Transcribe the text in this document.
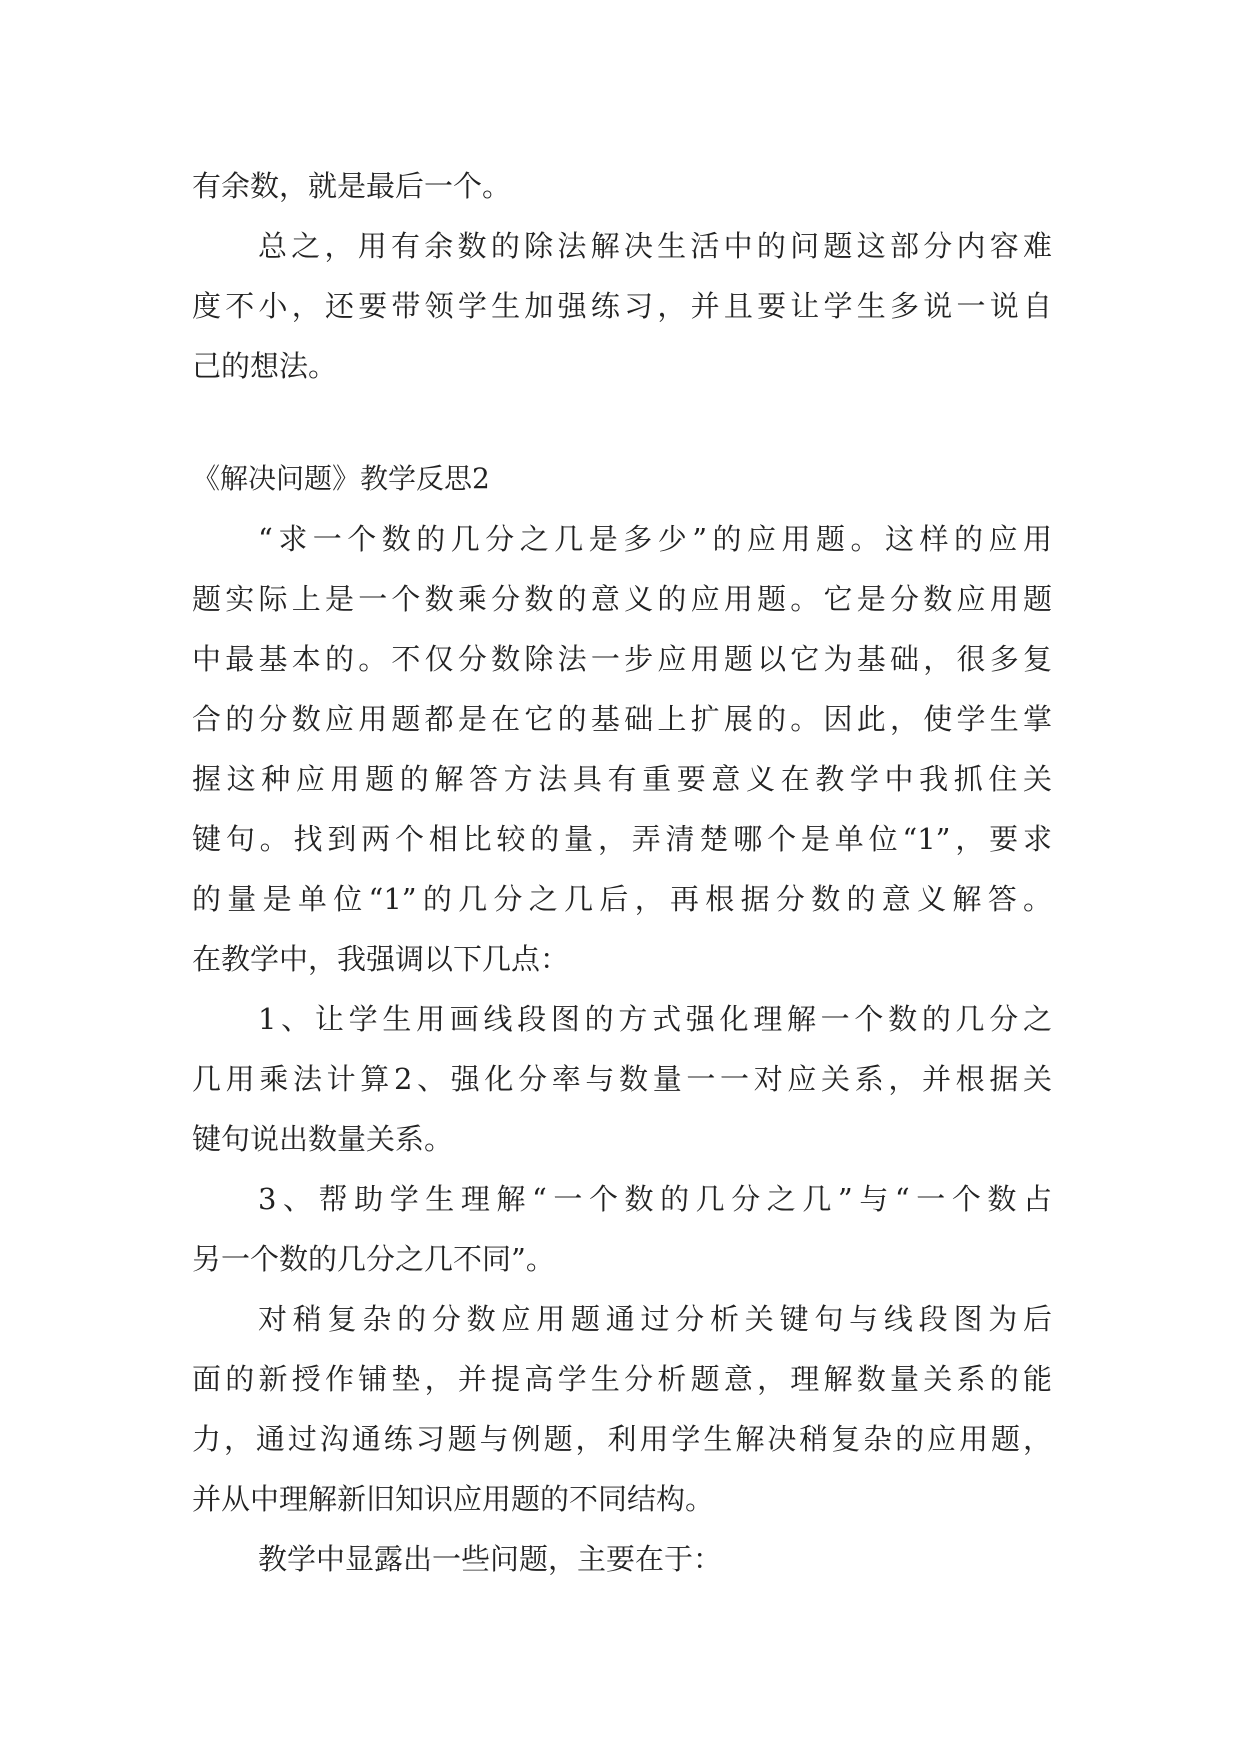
有余数，就是最后一个。
总之，用有余数的除法解决生活中的问题这部分内容难
度不小，还要带领学生加强练习，并且要让学生多说一说自
己的想法。
《解决问题》教学反思2
“求一个数的几分之几是多少”的应用题。这样的应用
题实际上是一个数乘分数的意义的应用题。它是分数应用题
中最基本的。不仅分数除法一步应用题以它为基础，很多复
合的分数应用题都是在它的基础上扩展的。因此，使学生掌
握这种应用题的解答方法具有重要意义在教学中我抓住关
键句。找到两个相比较的量，弄清楚哪个是单位“1”，要求
的量是单位“1”的几分之几后，再根据分数的意义解答。
在教学中，我强调以下几点：
1、让学生用画线段图的方式强化理解一个数的几分之
几用乘法计算2、强化分率与数量一一对应关系，并根据关
键句说出数量关系。
3、帮助学生理解“一个数的几分之几”与“一个数占
另一个数的几分之几不同”。
对稍复杂的分数应用题通过分析关键句与线段图为后
面的新授作铺垫，并提高学生分析题意，理解数量关系的能
力，通过沟通练习题与例题，利用学生解决稍复杂的应用题，
并从中理解新旧知识应用题的不同结构。
教学中显露出一些问题，主要在于：
